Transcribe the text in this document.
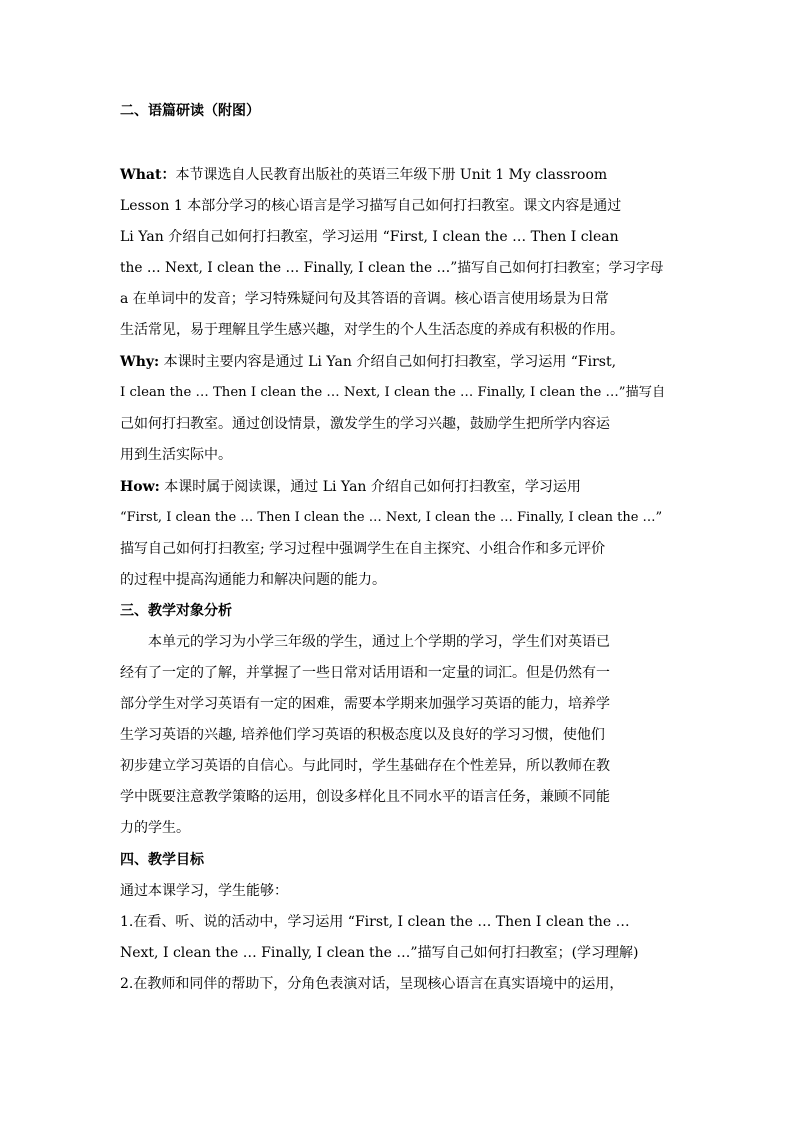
二、语篇研读（附图）
What：本节课选自人民教育出版社的英语三年级下册 Unit 1 My classroom
Lesson 1 本部分学习的核心语言是学习描写自己如何打扫教室。课文内容是通过
Li Yan 介绍自己如何打扫教室，学习运用 “First, I clean the … Then I clean
the … Next, I clean the … Finally, I clean the …”描写自己如何打扫教室；学习字母
a 在单词中的发音；学习特殊疑问句及其答语的音调。核心语言使用场景为日常
生活常见，易于理解且学生感兴趣，对学生的个人生活态度的养成有积极的作用。
Why: 本课时主要内容是通过 Li Yan 介绍自己如何打扫教室，学习运用 “First,
I clean the … Then I clean the … Next, I clean the … Finally, I clean the …”描写自
己如何打扫教室。通过创设情景，激发学生的学习兴趣，鼓励学生把所学内容运
用到生活实际中。
How: 本课时属于阅读课，通过 Li Yan 介绍自己如何打扫教室，学习运用
“First, I clean the … Then I clean the … Next, I clean the … Finally, I clean the …”
描写自己如何打扫教室; 学习过程中强调学生在自主探究、小组合作和多元评价
的过程中提高沟通能力和解决问题的能力。
三、教学对象分析
本单元的学习为小学三年级的学生，通过上个学期的学习，学生们对英语已
经有了一定的了解，并掌握了一些日常对话用语和一定量的词汇。但是仍然有一
部分学生对学习英语有一定的困难，需要本学期来加强学习英语的能力，培养学
生学习英语的兴趣, 培养他们学习英语的积极态度以及良好的学习习惯，使他们
初步建立学习英语的自信心。与此同时，学生基础存在个性差异，所以教师在教
学中既要注意教学策略的运用，创设多样化且不同水平的语言任务，兼顾不同能
力的学生。
四、教学目标
通过本课学习，学生能够：
1.在看、听、说的活动中，学习运用 “First, I clean the … Then I clean the …
Next, I clean the … Finally, I clean the …”描写自己如何打扫教室；(学习理解)
2.在教师和同伴的帮助下，分角色表演对话，呈现核心语言在真实语境中的运用，
